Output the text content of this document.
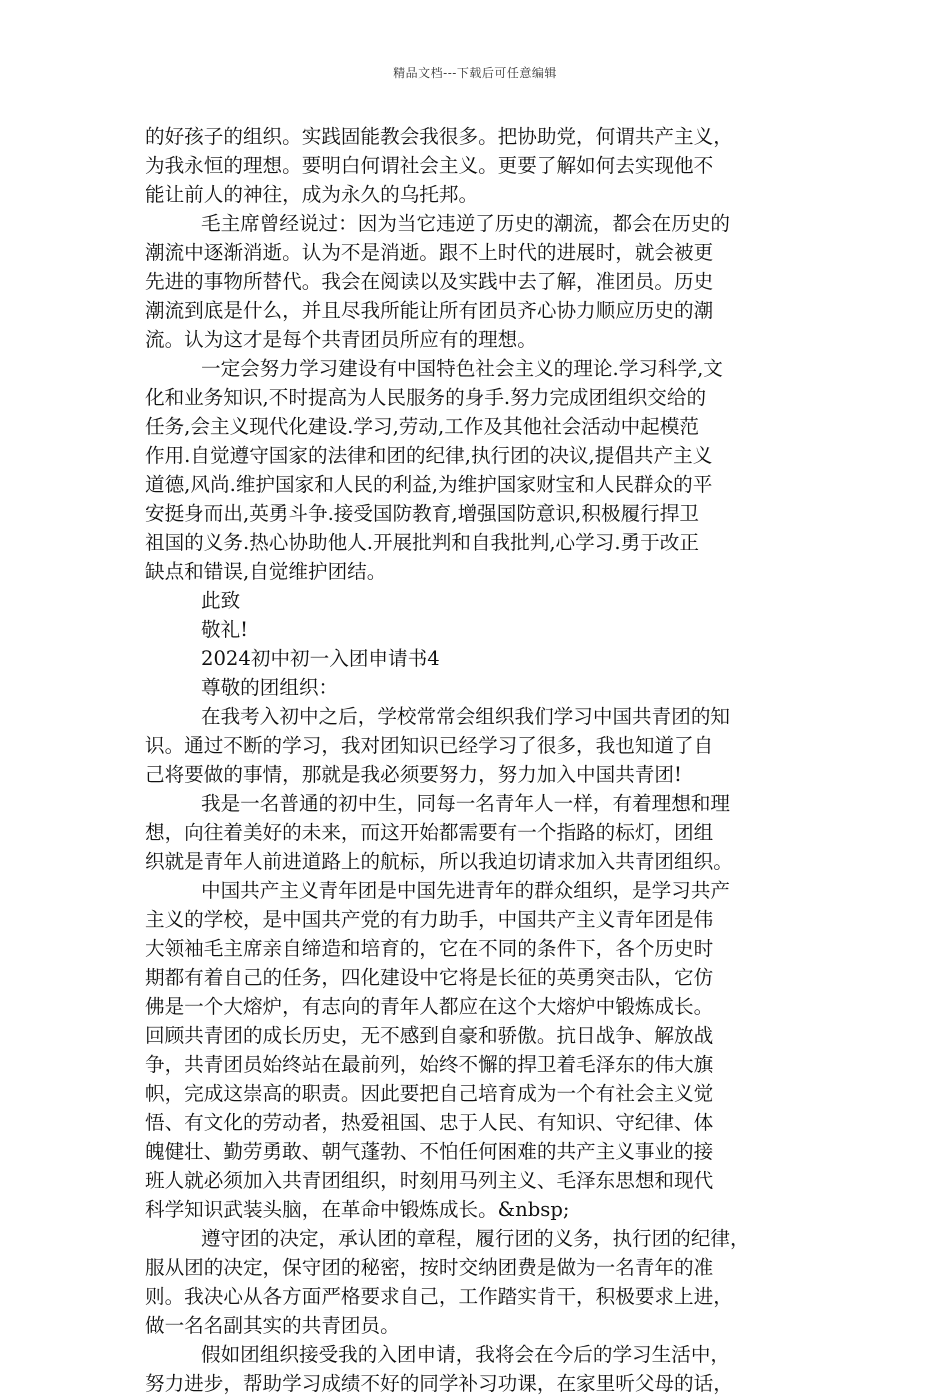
精品文档---下载后可任意编辑
的好孩子的组织。实践固能教会我很多。把协助党，何谓共产主义，
为我永恒的理想。要明白何谓社会主义。更要了解如何去实现他不
能让前人的神往，成为永久的乌托邦。
毛主席曾经说过：因为当它违逆了历史的潮流，都会在历史的
潮流中逐渐消逝。认为不是消逝。跟不上时代的进展时，就会被更
先进的事物所替代。我会在阅读以及实践中去了解，准团员。历史
潮流到底是什么，并且尽我所能让所有团员齐心协力顺应历史的潮
流。认为这才是每个共青团员所应有的理想。
一定会努力学习建设有中国特色社会主义的理论.学习科学,文
化和业务知识,不时提高为人民服务的身手.努力完成团组织交给的
任务,会主义现代化建设.学习,劳动,工作及其他社会活动中起模范
作用.自觉遵守国家的法律和团的纪律,执行团的决议,提倡共产主义
道德,风尚.维护国家和人民的利益,为维护国家财宝和人民群众的平
安挺身而出,英勇斗争.接受国防教育,增强国防意识,积极履行捍卫
祖国的义务.热心协助他人.开展批判和自我批判,心学习.勇于改正
缺点和错误,自觉维护团结。
此致
敬礼!
2024初中初一入团申请书4
尊敬的团组织：
在我考入初中之后，学校常常会组织我们学习中国共青团的知
识。通过不断的学习，我对团知识已经学习了很多，我也知道了自
己将要做的事情，那就是我必须要努力，努力加入中国共青团!
我是一名普通的初中生，同每一名青年人一样，有着理想和理
想，向往着美好的未来，而这开始都需要有一个指路的标灯，团组
织就是青年人前进道路上的航标，所以我迫切请求加入共青团组织。
中国共产主义青年团是中国先进青年的群众组织，是学习共产
主义的学校，是中国共产党的有力助手，中国共产主义青年团是伟
大领袖毛主席亲自缔造和培育的，它在不同的条件下，各个历史时
期都有着自己的任务，四化建设中它将是长征的英勇突击队，它仿
佛是一个大熔炉，有志向的青年人都应在这个大熔炉中锻炼成长。
回顾共青团的成长历史，无不感到自豪和骄傲。抗日战争、解放战
争，共青团员始终站在最前列，始终不懈的捍卫着毛泽东的伟大旗
帜，完成这崇高的职责。因此要把自己培育成为一个有社会主义觉
悟、有文化的劳动者，热爱祖国、忠于人民、有知识、守纪律、体
魄健壮、勤劳勇敢、朝气蓬勃、不怕任何困难的共产主义事业的接
班人就必须加入共青团组织，时刻用马列主义、毛泽东思想和现代
科学知识武装头脑，在革命中锻炼成长。&nbsp;
遵守团的决定，承认团的章程，履行团的义务，执行团的纪律，
服从团的决定，保守团的秘密，按时交纳团费是做为一名青年的准
则。我决心从各方面严格要求自己，工作踏实肯干，积极要求上进，
做一名名副其实的共青团员。
假如团组织接受我的入团申请，我将会在今后的学习生活中，
努力进步，帮助学习成绩不好的同学补习功课，在家里听父母的话，
